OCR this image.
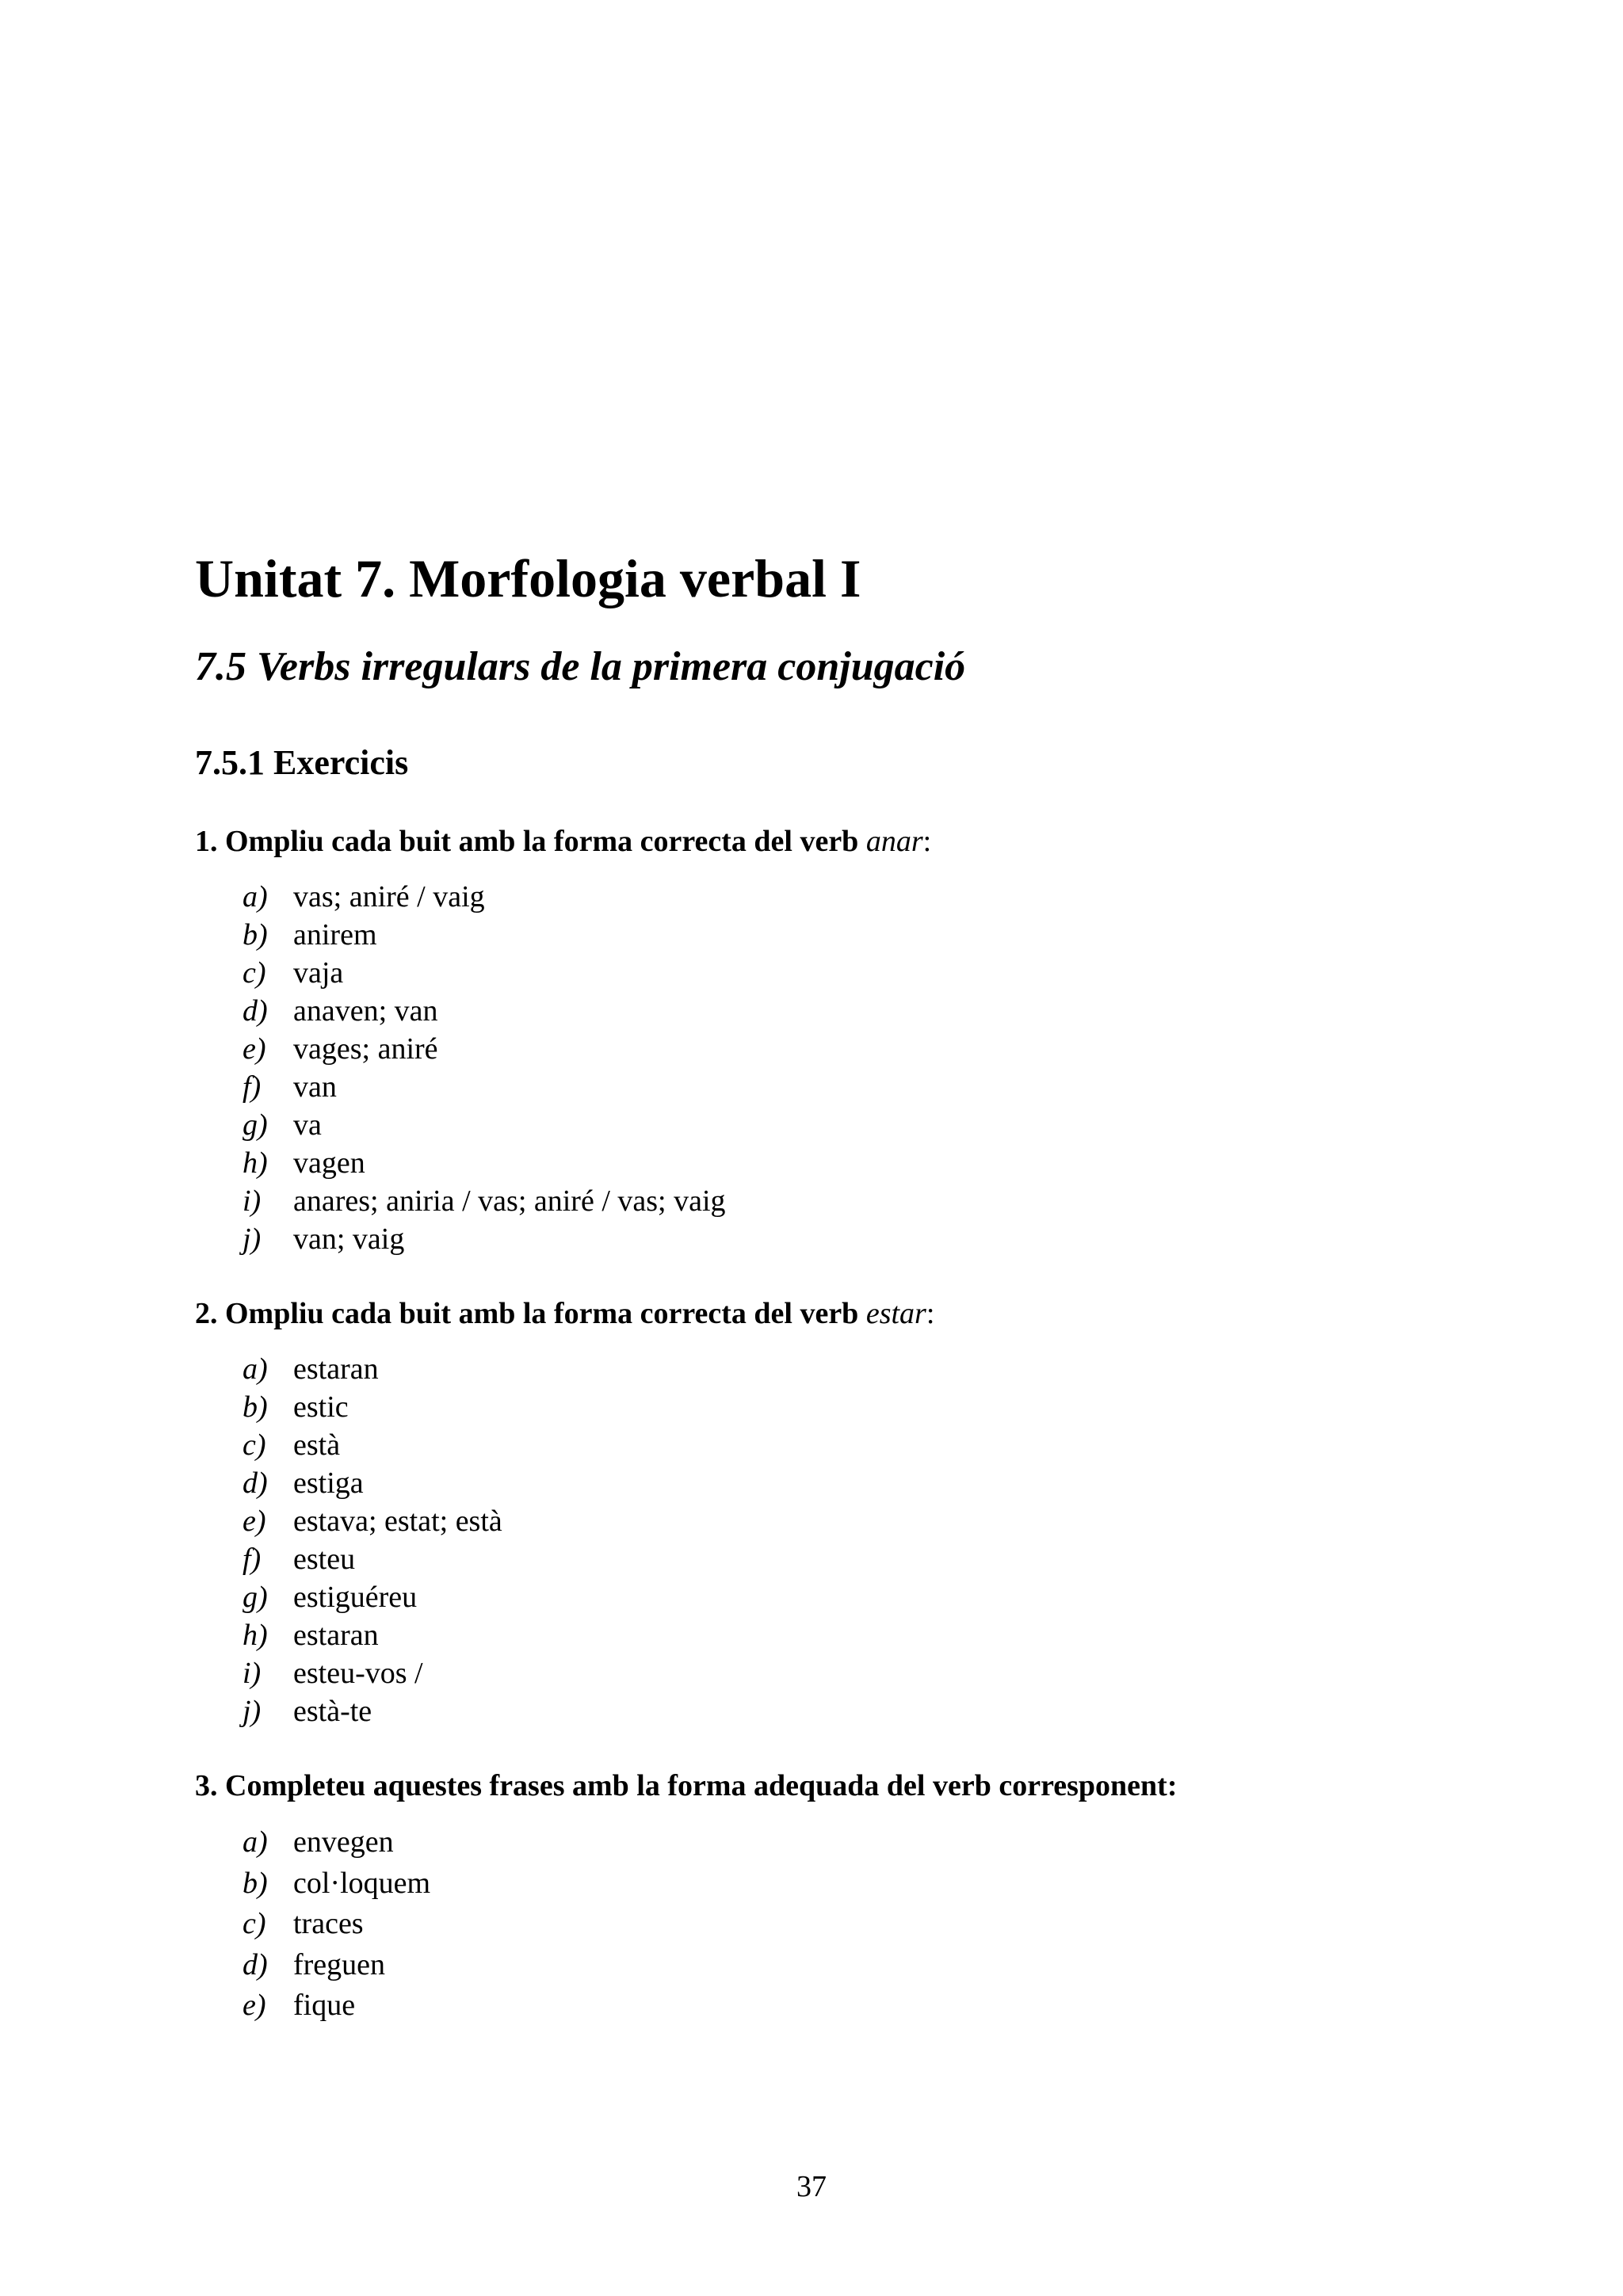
Unitat 7. Morfologia verbal I
7.5 Verbs irregulars de la primera conjugació
7.5.1 Exercicis

1. Ompliu cada buit amb la forma correcta del verb anar:

a) vas; aniré / vaig
b) anirem
c) vaja
d) anaven; van
e) vages; aniré
f) van
g) va
h) vagen
i) anares; aniria / vas; aniré / vas; vaig
j) van; vaig

2. Ompliu cada buit amb la forma correcta del verb estar:

a) estaran
b) estic
c) està
d) estiga
e) estava; estat; està
f) esteu
g) estiguéreu
h) estaran
i) esteu-vos /
j) està-te

3. Completeu aquestes frases amb la forma adequada del verb corresponent:

a) envegen
b) col·loquem
c) traces
d) freguen
e) fique

37
